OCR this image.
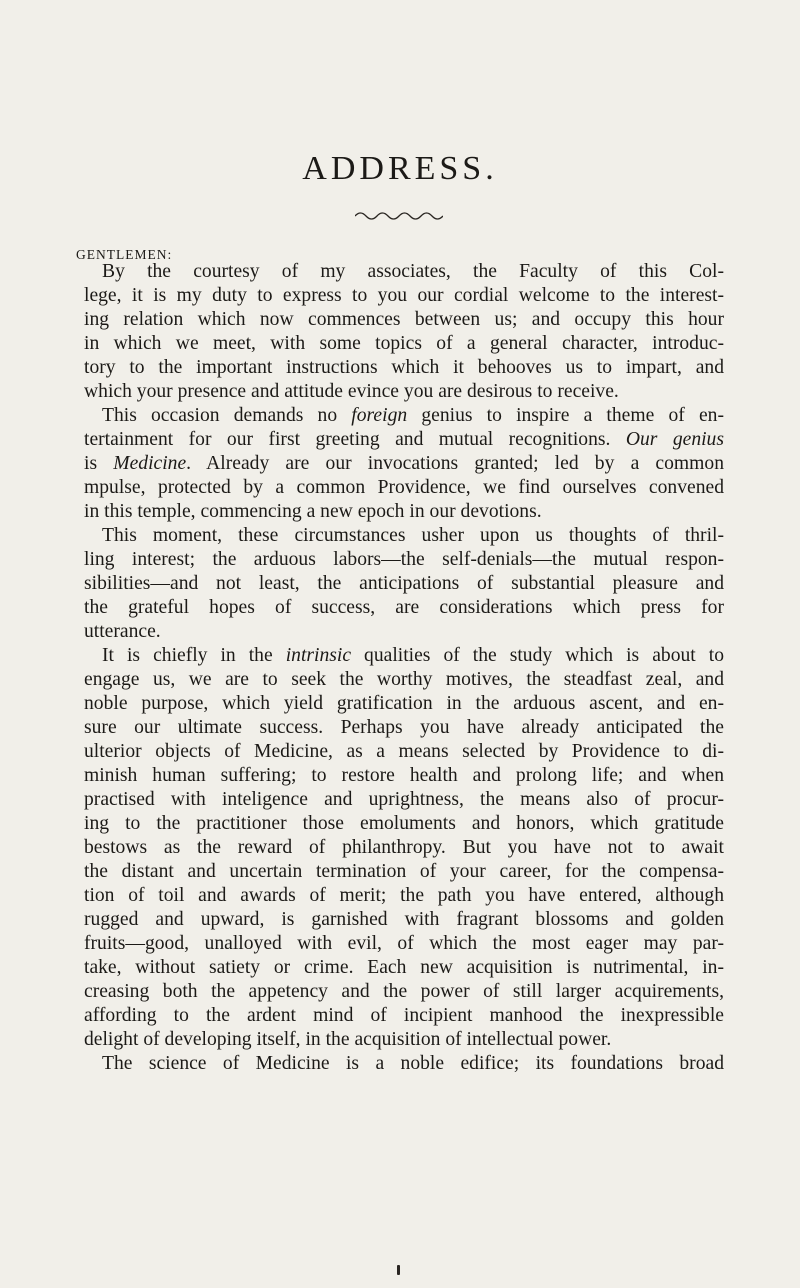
ADDRESS.

GENTLEMEN:

By the courtesy of my associates, the Faculty of this Col-
lege, it is my duty to express to you our cordial welcome to the interest-
ing relation which now commences between us; and occupy this hour
in which we meet, with some topics of a general character, introduc-
tory to the important instructions which it behooves us to impart, and
which your presence and attitude evince you are desirous to receive.
This occasion demands no foreign genius to inspire a theme of en-
tertainment for our first greeting and mutual recognitions. Our genius
is Medicine. Already are our invocations granted; led by a common
mpulse, protected by a common Providence, we find ourselves convened
in this temple, commencing a new epoch in our devotions.
This moment, these circumstances usher upon us thoughts of thril-
ling interest; the arduous labors—the self-denials—the mutual respon-
sibilities—and not least, the anticipations of substantial pleasure and
the grateful hopes of success, are considerations which press for
utterance.
It is chiefly in the intrinsic qualities of the study which is about to
engage us, we are to seek the worthy motives, the steadfast zeal, and
noble purpose, which yield gratification in the arduous ascent, and en-
sure our ultimate success. Perhaps you have already anticipated the
ulterior objects of Medicine, as a means selected by Providence to di-
minish human suffering; to restore health and prolong life; and when
practised with inteligence and uprightness, the means also of procur-
ing to the practitioner those emoluments and honors, which gratitude
bestows as the reward of philanthropy. But you have not to await
the distant and uncertain termination of your career, for the compensa-
tion of toil and awards of merit; the path you have entered, although
rugged and upward, is garnished with fragrant blossoms and golden
fruits—good, unalloyed with evil, of which the most eager may par-
take, without satiety or crime. Each new acquisition is nutrimental, in-
creasing both the appetency and the power of still larger acquirements,
affording to the ardent mind of incipient manhood the inexpressible
delight of developing itself, in the acquisition of intellectual power.
The science of Medicine is a noble edifice; its foundations broad
